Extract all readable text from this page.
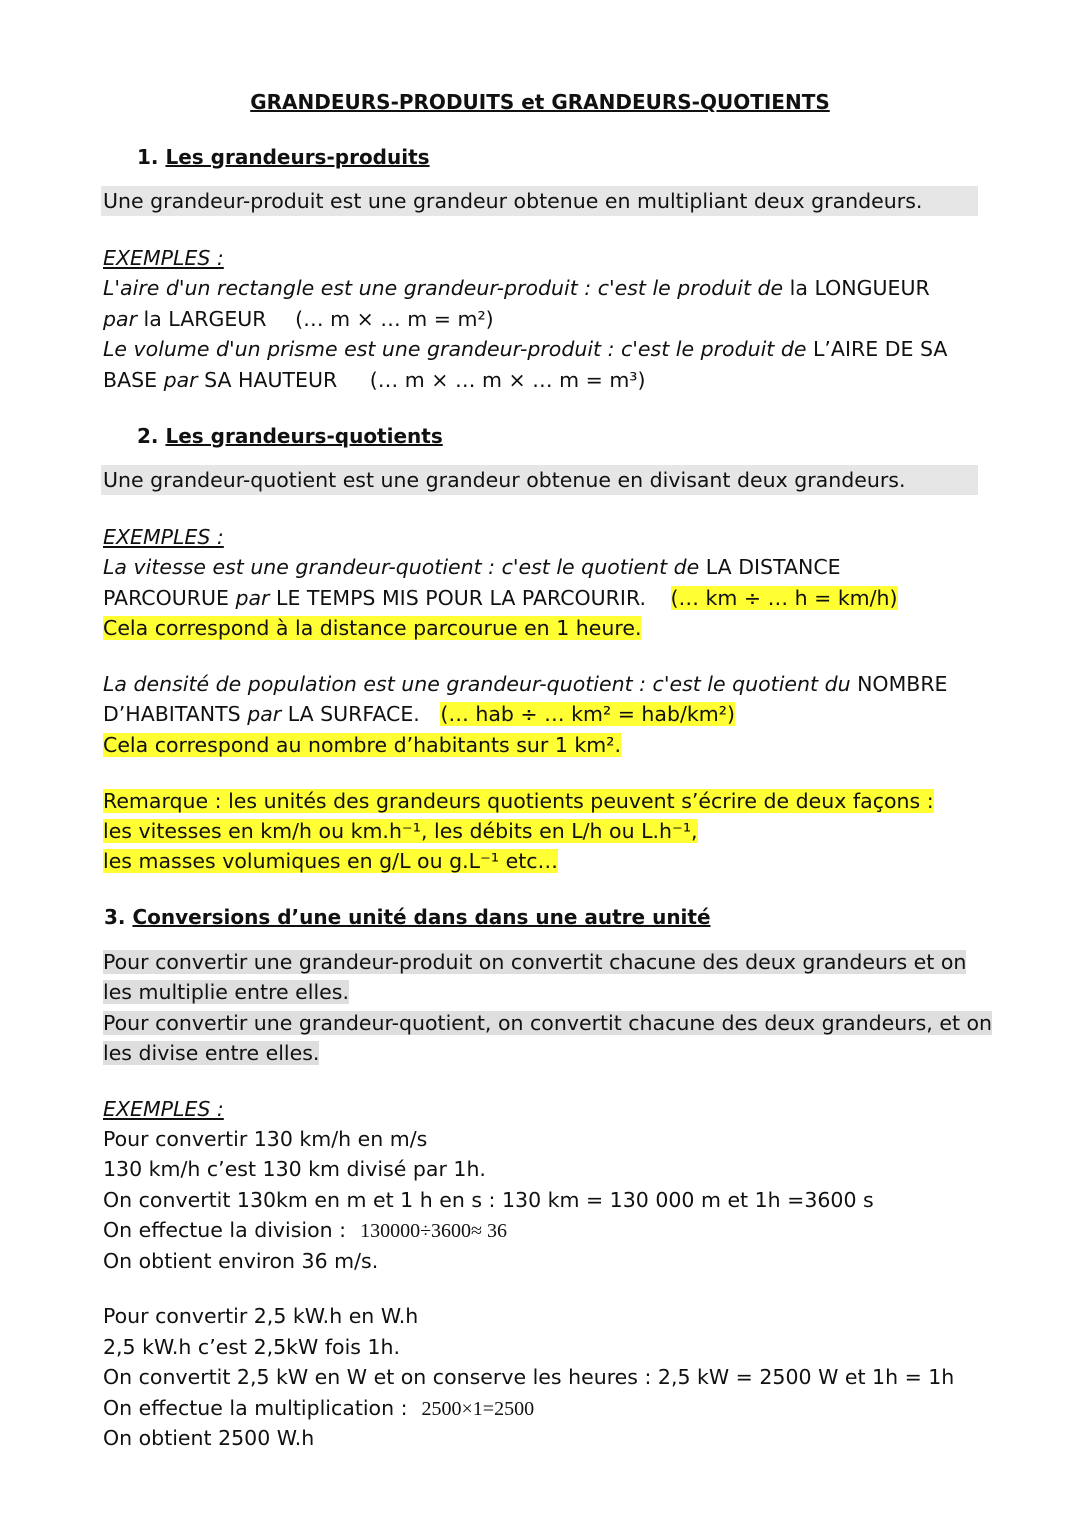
GRANDEURS-PRODUITS et GRANDEURS-QUOTIENTS
1. Les grandeurs-produits
Une grandeur-produit est une grandeur obtenue en multipliant deux grandeurs.
EXEMPLES :
L'aire d'un rectangle est une grandeur-produit : c'est le produit de la LONGUEUR
par la LARGEUR (… m × … m = m²)
Le volume d'un prisme est une grandeur-produit : c'est le produit de L’AIRE DE SA
BASE par SA HAUTEUR (… m × … m × … m = m³)
2. Les grandeurs-quotients
Une grandeur-quotient est une grandeur obtenue en divisant deux grandeurs.
EXEMPLES :
La vitesse est une grandeur-quotient : c'est le quotient de LA DISTANCE
PARCOURUE par LE TEMPS MIS POUR LA PARCOURIR. (… km ÷ … h = km/h)
Cela correspond à la distance parcourue en 1 heure.
La densité de population est une grandeur-quotient : c'est le quotient du NOMBRE
D’HABITANTS par LA SURFACE. (… hab ÷ … km² = hab/km²)
Cela correspond au nombre d’habitants sur 1 km².
Remarque : les unités des grandeurs quotients peuvent s’écrire de deux façons :
les vitesses en km/h ou km.h⁻¹, les débits en L/h ou L.h⁻¹,
les masses volumiques en g/L ou g.L⁻¹ etc…
3. Conversions d’une unité dans dans une autre unité
Pour convertir une grandeur-produit on convertit chacune des deux grandeurs et on
les multiplie entre elles.
Pour convertir une grandeur-quotient, on convertit chacune des deux grandeurs, et on
les divise entre elles.
EXEMPLES :
Pour convertir 130 km/h en m/s
130 km/h c’est 130 km divisé par 1h.
On convertit 130km en m et 1 h en s : 130 km = 130 000 m et 1h =3600 s
On effectue la division : 130000÷3600≈ 36
On obtient environ 36 m/s.
Pour convertir 2,5 kW.h en W.h
2,5 kW.h c’est 2,5kW fois 1h.
On convertit 2,5 kW en W et on conserve les heures : 2,5 kW = 2500 W et 1h = 1h
On effectue la multiplication : 2500×1=2500
On obtient 2500 W.h
